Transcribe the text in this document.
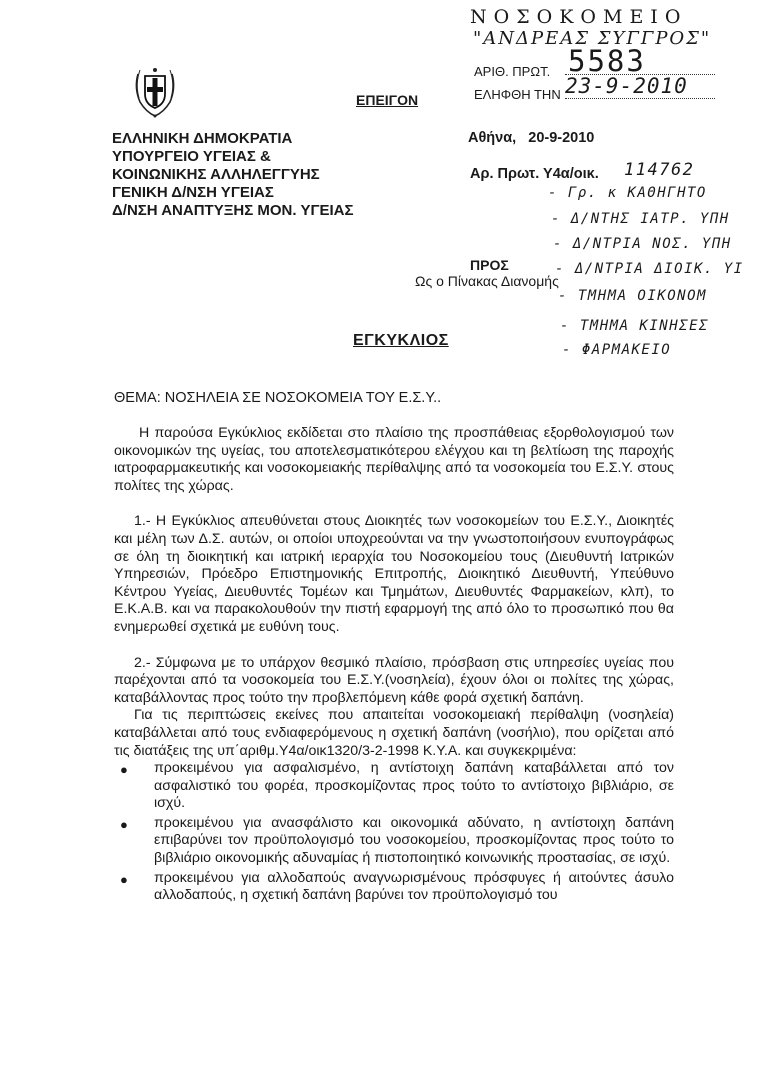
ΝΟΣΟΚΟΜΕΙΟ
"ΑΝΔΡΕΑΣ ΣΥΓΓΡΟΣ"
ΑΡΙΘ. ΠΡΩΤ. 5583
ΕΛΗΦΘΗ ΤΗΝ 23-9-2010
ΕΠΕΙΓΟΝ
ΕΛΛΗΝΙΚΗ ΔΗΜΟΚΡΑΤΙΑ
ΥΠΟΥΡΓΕΙΟ ΥΓΕΙΑΣ &
ΚΟΙΝΩΝΙΚΗΣ ΑΛΛΗΛΕΓΓΥΗΣ
ΓΕΝΙΚΗ Δ/ΝΣΗ ΥΓΕΙΑΣ
Δ/ΝΣΗ ΑΝΑΠΤΥΞΗΣ ΜΟΝ. ΥΓΕΙΑΣ
Αθήνα,   20-9-2010
Αρ. Πρωτ. Υ4α/οικ. 114762
- Γρ. κ ΚΑΘΗΓΗΤΟ
- Δ/ΝΤΗΣ ΙΑΤΡ. ΥΠΗ
- Δ/ΝΤΡΙΑ ΝΟΣ. ΥΠΗ
- Δ/ΝΤΡΙΑ ΔΙΟΙΚ. ΥΙ
- ΤΜΗΜΑ ΟΙΚΟΝΟΜ
- ΤΜΗΜΑ ΚΙΝΗΣΕΣ
- ΦΑΡΜΑΚΕΙΟ
ΠΡΟΣ
Ως ο Πίνακας Διανομής
ΕΓΚΥΚΛΙΟΣ
ΘΕΜΑ: ΝΟΣΗΛΕΙΑ ΣΕ ΝΟΣΟΚΟΜΕΙΑ ΤΟΥ Ε.Σ.Υ..

Η παρούσα Εγκύκλιος εκδίδεται στο πλαίσιο της προσπάθειας εξορθολογισμού των οικονομικών της υγείας, του αποτελεσματικότερου ελέγχου και τη βελτίωση της παροχής ιατροφαρμακευτικής και νοσοκομειακής περίθαλψης από τα νοσοκομεία του Ε.Σ.Υ. στους πολίτες της χώρας.

1.- Η Εγκύκλιος απευθύνεται στους Διοικητές των νοσοκομείων του Ε.Σ.Υ., Διοικητές και μέλη των Δ.Σ. αυτών, οι οποίοι υποχρεούνται να την γνωστοποιήσουν ενυπογράφως σε όλη τη διοικητική και ιατρική ιεραρχία του Νοσοκομείου τους (Διευθυντή Ιατρικών Υπηρεσιών, Πρόεδρο Επιστημονικής Επιτροπής, Διοικητικό Διευθυντή, Υπεύθυνο Κέντρου Υγείας, Διευθυντές Τομέων και Τμημάτων, Διευθυντές Φαρμακείων, κλπ), το Ε.Κ.Α.Β. και να παρακολουθούν την πιστή εφαρμογή της από όλο το προσωπικό που θα ενημερωθεί σχετικά με ευθύνη τους.

2.- Σύμφωνα με το υπάρχον θεσμικό πλαίσιο, πρόσβαση στις υπηρεσίες υγείας που παρέχονται από τα νοσοκομεία του Ε.Σ.Υ.(νοσηλεία), έχουν όλοι οι πολίτες της χώρας, καταβάλλοντας προς τούτο την προβλεπόμενη κάθε φορά σχετική δαπάνη.

Για τις περιπτώσεις εκείνες που απαιτείται νοσοκομειακή περίθαλψη (νοσηλεία) καταβάλλεται από τους ενδιαφερόμενους η σχετική δαπάνη (νοσήλιο), που ορίζεται από τις διατάξεις της υπ΄αριθμ.Υ4α/οικ1320/3-2-1998 Κ.Υ.Α. και συγκεκριμένα:

● προκειμένου για ασφαλισμένο, η αντίστοιχη δαπάνη καταβάλλεται από τον ασφαλιστικό του φορέα, προσκομίζοντας προς τούτο το αντίστοιχο βιβλιάριο, σε ισχύ.
● προκειμένου για ανασφάλιστο και οικονομικά αδύνατο, η αντίστοιχη δαπάνη επιβαρύνει τον προϋπολογισμό του νοσοκομείου, προσκομίζοντας προς τούτο το βιβλιάριο οικονομικής αδυναμίας ή πιστοποιητικό κοινωνικής προστασίας, σε ισχύ.
● προκειμένου για αλλοδαπούς αναγνωρισμένους πρόσφυγες ή αιτούντες άσυλο αλλοδαπούς, η σχετική δαπάνη βαρύνει τον προϋπολογισμό του
